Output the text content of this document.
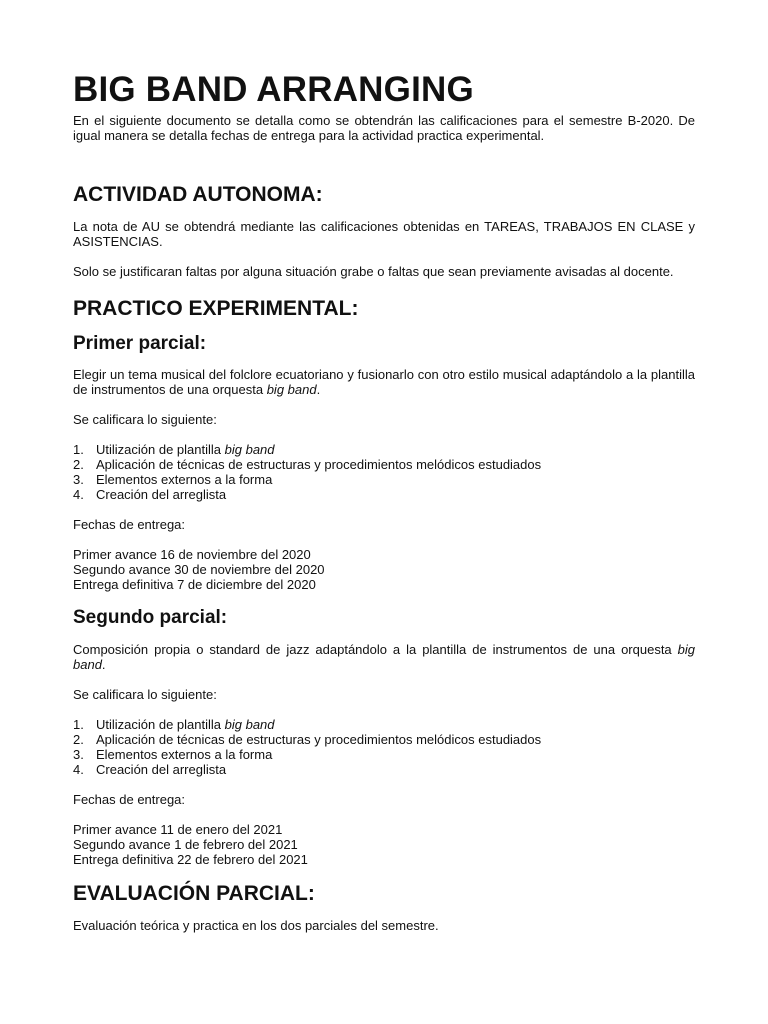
BIG BAND ARRANGING

En el siguiente documento se detalla como se obtendrán las calificaciones para el semestre B-2020. De igual manera se detalla fechas de entrega para la actividad practica experimental.

ACTIVIDAD AUTONOMA:

La nota de AU se obtendrá mediante las calificaciones obtenidas en TAREAS, TRABAJOS EN CLASE y ASISTENCIAS.

Solo se justificaran faltas por alguna situación grabe o faltas que sean previamente avisadas al docente.

PRACTICO EXPERIMENTAL:
Primer parcial:

Elegir un tema musical del folclore ecuatoriano y fusionarlo con otro estilo musical adaptándolo a la plantilla de instrumentos de una orquesta big band.

Se calificara lo siguiente:

1. Utilización de plantilla big band
2. Aplicación de técnicas de estructuras y procedimientos melódicos estudiados
3. Elementos externos a la forma
4. Creación del arreglista

Fechas de entrega:

Primer avance 16 de noviembre del 2020
Segundo avance 30 de noviembre del 2020
Entrega definitiva 7 de diciembre del 2020
Segundo parcial:

Composición propia o standard de jazz adaptándolo a la plantilla de instrumentos de una orquesta big band.

Se calificara lo siguiente:

1. Utilización de plantilla big band
2. Aplicación de técnicas de estructuras y procedimientos melódicos estudiados
3. Elementos externos a la forma
4. Creación del arreglista

Fechas de entrega:

Primer avance 11 de enero del 2021
Segundo avance 1 de febrero del 2021
Entrega definitiva 22 de febrero del 2021
EVALUACIÓN PARCIAL:

Evaluación teórica y practica en los dos parciales del semestre.
